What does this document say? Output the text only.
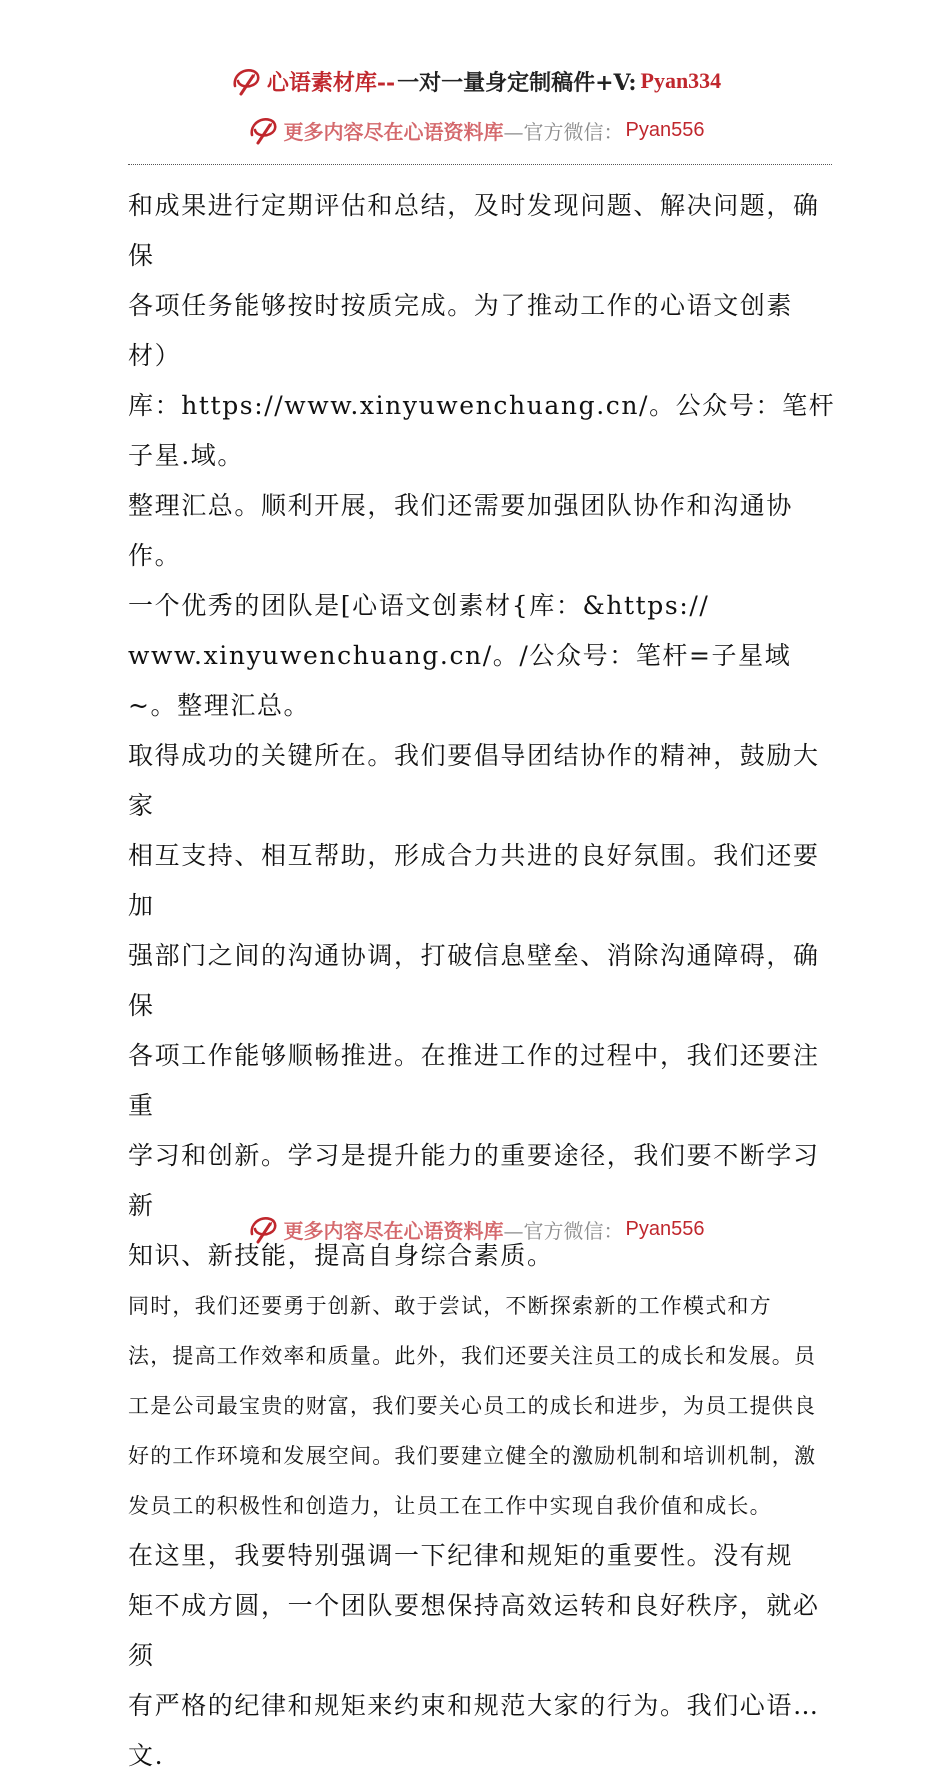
心语素材库-- 一对一量身定制稿件+V: Pyan334
更多内容尽在心语资料库 —官方微信： Pyan556

和成果进行定期评估和总结，及时发现问题、解决问题，确保
各项任务能够按时按质完成。为了推动工作的心语文创素材）
库：https://www.xinyuwenchuang.cn/。公众号：笔杆子星.域。
整理汇总。顺利开展，我们还需要加强团队协作和沟通协作。
一个优秀的团队是[心语文创素材{库：&https://
www.xinyuwenchuang.cn/。/公众号：笔杆=子星域~。整理汇总。
取得成功的关键所在。我们要倡导团结协作的精神，鼓励大家
相互支持、相互帮助，形成合力共进的良好氛围。我们还要加
强部门之间的沟通协调，打破信息壁垒、消除沟通障碍，确保
各项工作能够顺畅推进。在推进工作的过程中，我们还要注重
学习和创新。学习是提升能力的重要途径，我们要不断学习新
知识、新技能，提高自身综合素质。

同时，我们还要勇于创新、敢于尝试，不断探索新的工作模式和方
法，提高工作效率和质量。此外，我们还要关注员工的成长和发展。员
工是公司最宝贵的财富，我们要关心员工的成长和进步，为员工提供良
好的工作环境和发展空间。我们要建立健全的激励机制和培训机制，激
发员工的积极性和创造力，让员工在工作中实现自我价值和成长。

在这里，我要特别强调一下纪律和规矩的重要性。没有规
矩不成方圆，一个团队要想保持高效运转和良好秩序，就必须
有严格的纪律和规矩来约束和规范大家的行为。我们心语…文.

更多内容尽在心语资料库 —官方微信： Pyan556
